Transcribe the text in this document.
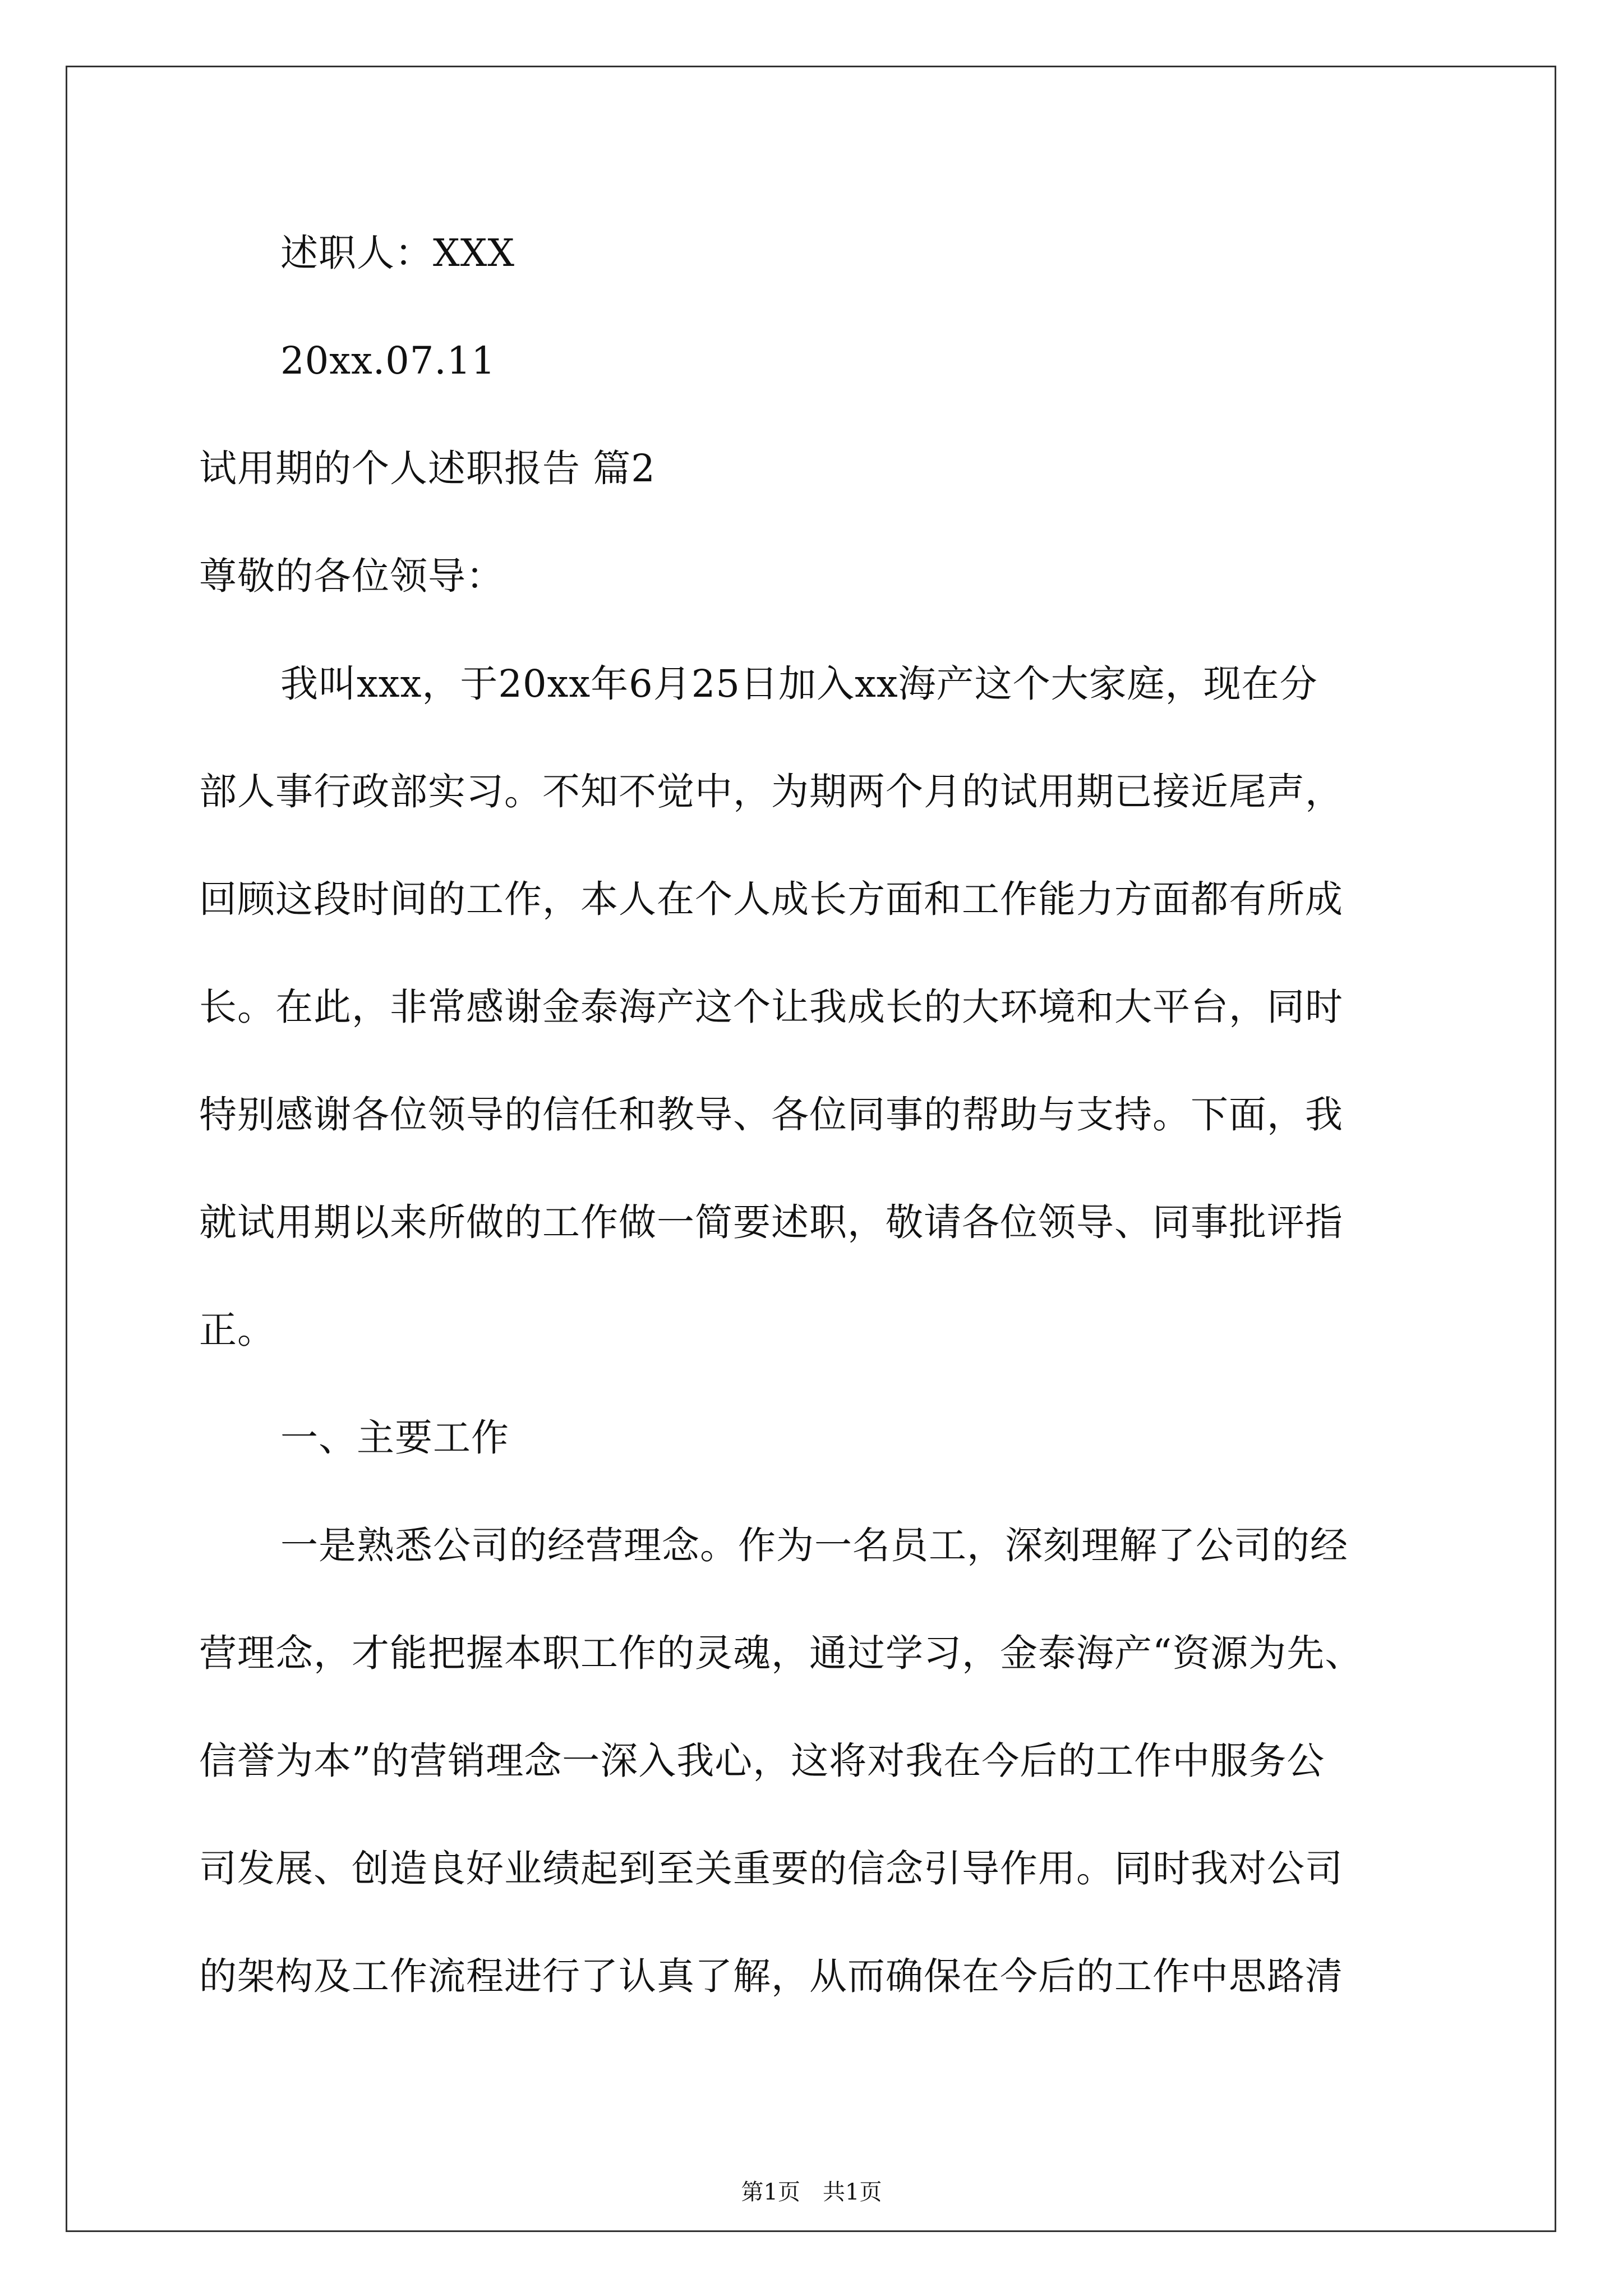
述职人：XXX

20xx.07.11

试用期的个人述职报告 篇2

尊敬的各位领导：

我叫xxx，于20xx年6月25日加入xx海产这个大家庭，现在分

部人事行政部实习。不知不觉中，为期两个月的试用期已接近尾声，

回顾这段时间的工作，本人在个人成长方面和工作能力方面都有所成

长。在此，非常感谢金泰海产这个让我成长的大环境和大平台，同时

特别感谢各位领导的信任和教导、各位同事的帮助与支持。下面，我

就试用期以来所做的工作做一简要述职，敬请各位领导、同事批评指

正。

一、主要工作

一是熟悉公司的经营理念。作为一名员工，深刻理解了公司的经

营理念，才能把握本职工作的灵魂，通过学习，金泰海产“资源为先、

信誉为本”的营销理念一深入我心，这将对我在今后的工作中服务公

司发展、创造良好业绩起到至关重要的信念引导作用。同时我对公司

的架构及工作流程进行了认真了解，从而确保在今后的工作中思路清

第1页　共1页
